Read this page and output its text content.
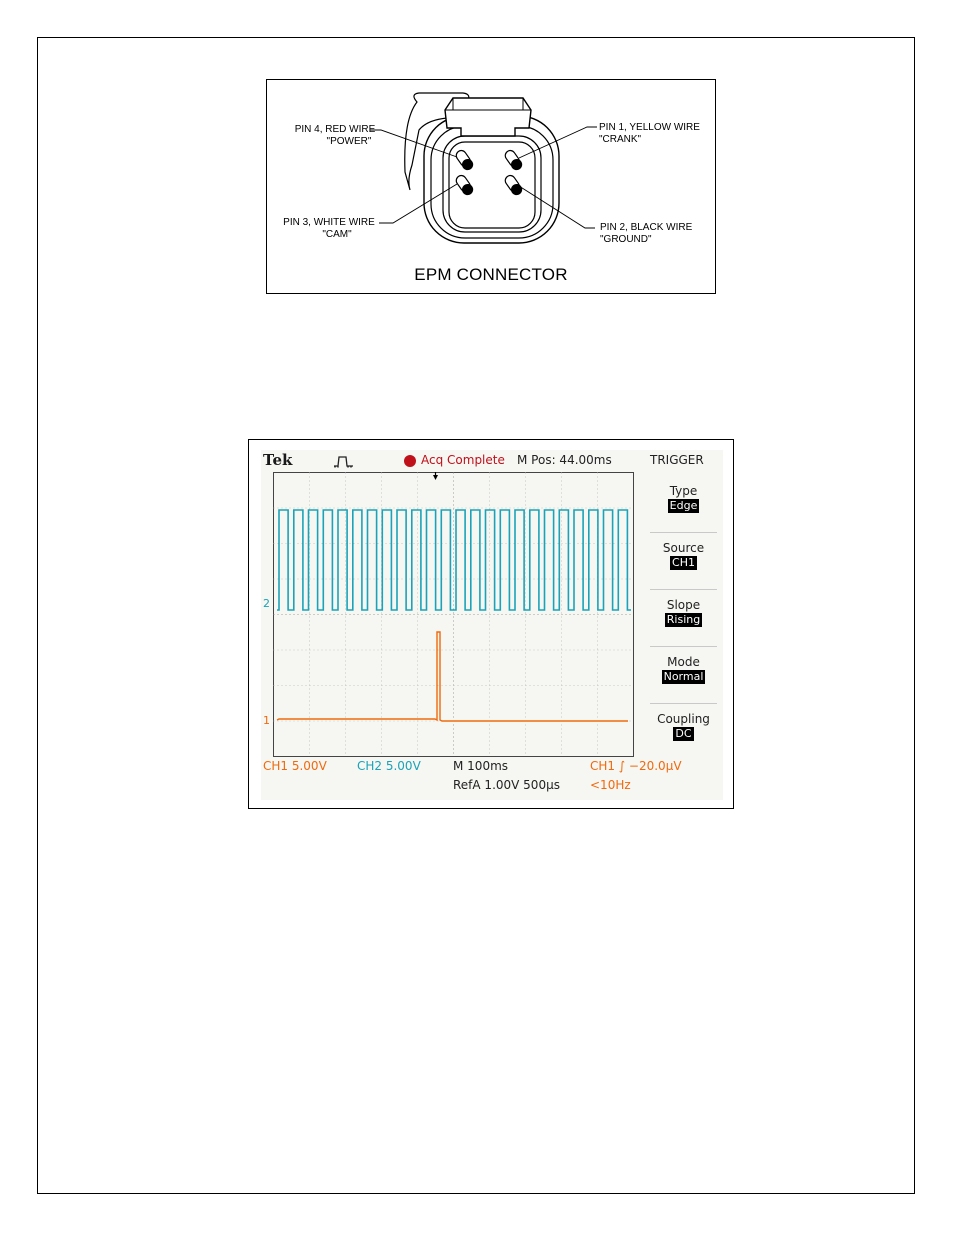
PIN 4, RED WIRE
"POWER"
PIN 1, YELLOW WIRE
"CRANK"
PIN 3, WHITE WIRE
"CAM"
PIN 2, BLACK WIRE
"GROUND"
EPM CONNECTOR
Tek	Acq Complete M Pos: 44.00ms	TRIGGER
2
1
Type
Edge
Source
CH1
Slope
Rising
Mode
Normal
Coupling
DC
CH1 5.00V	CH2 5.00V	M 100ms	CH1 ∫ −20.0µV
RefA 1.00V 500µs	<10Hz
